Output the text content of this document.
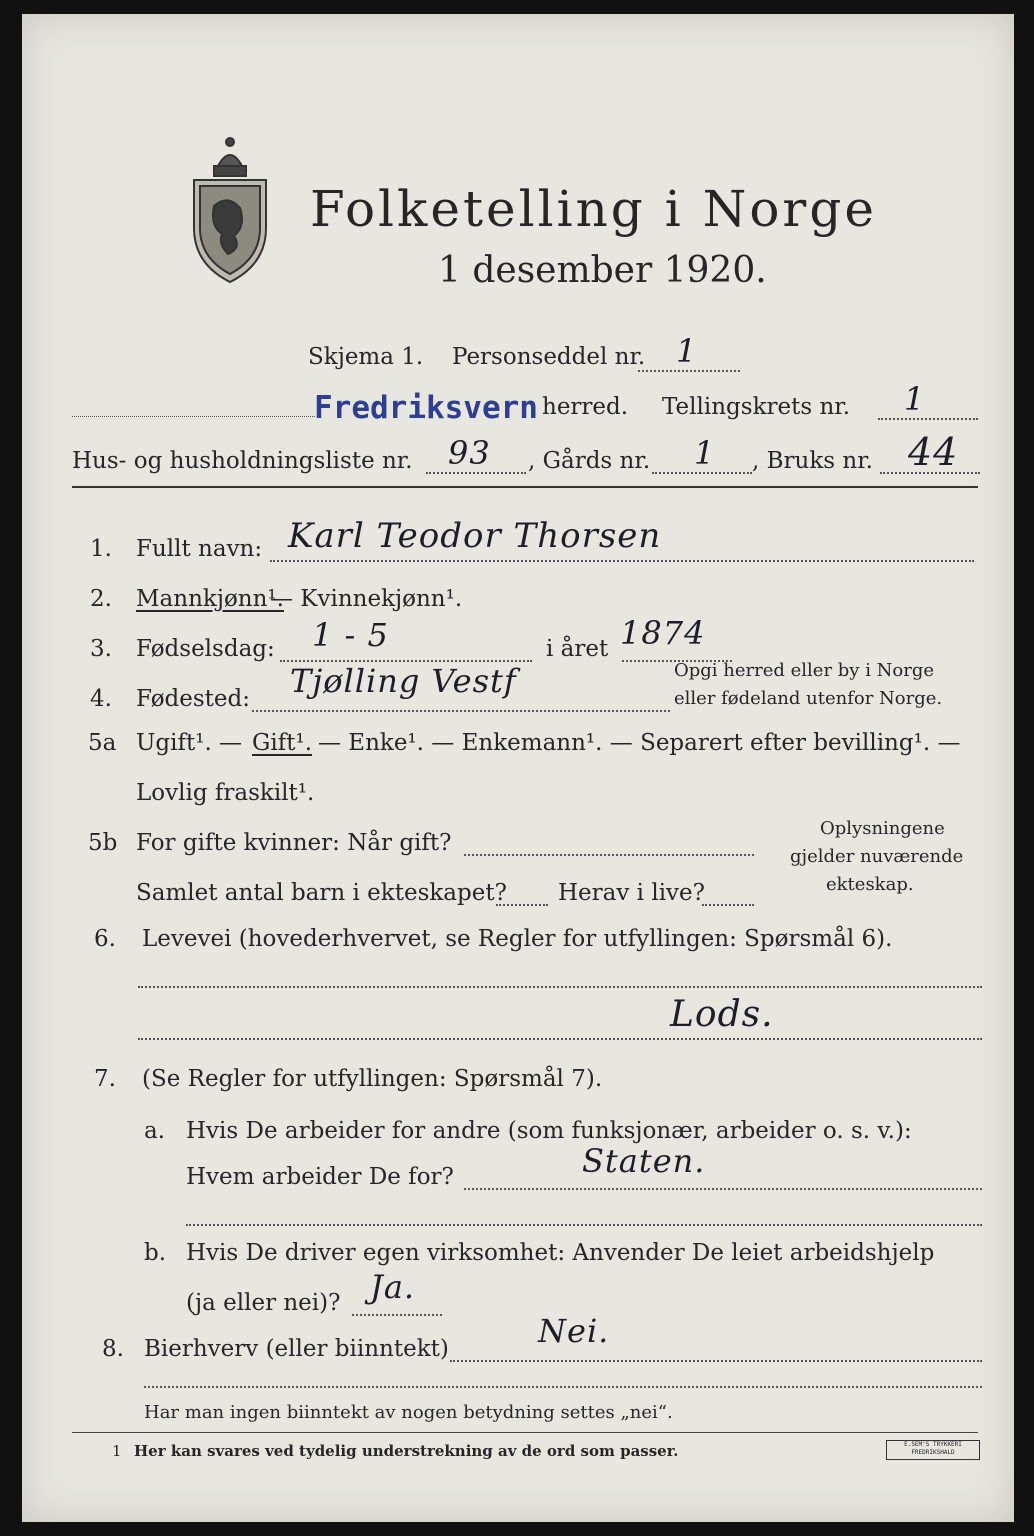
Folketelling i Norge
1 desember 1920.
Skjema 1. Personseddel nr. 1
Fredriksvern herred. Tellingskrets nr. 1
Hus- og husholdningsliste nr. 93 , Gårds nr. 1 , Bruks nr. 44
1. Fullt navn: Karl Teodor Thorsen
2. Mannkjønn¹.
— Kvinnekjønn¹.
3. Fødselsdag: 1 - 5	i året 1874
4. Fødested: Tjølling Vestf	Opgi herred eller by i Norge
eller fødeland utenfor Norge.
5a Ugift¹. — Gift¹. — Enke¹. — Enkemann¹. — Separert efter bevilling¹. —
Lovlig fraskilt¹.
5b For gifte kvinner: Når gift?
Samlet antal barn i ekteskapet? Herav i live?
Oplysningene
gjelder nuværende
ekteskap.
6. Levevei (hovederhvervet, se Regler for utfyllingen: Spørsmål 6).
Lods.
7. (Se Regler for utfyllingen: Spørsmål 7).
a. Hvis De arbeider for andre (som funksjonær, arbeider o. s. v.):
Hvem arbeider De for?	Staten.
b. Hvis De driver egen virksomhet: Anvender De leiet arbeidshjelp
(ja eller nei)? Ja.
8. Bierhverv (eller biinntekt)	Nei.
Har man ingen biinntekt av nogen betydning settes „nei“.
1 Her kan svares ved tydelig understrekning av de ord som passer.	E.SEM'S TRYKKERI FREDRIKSHALD
